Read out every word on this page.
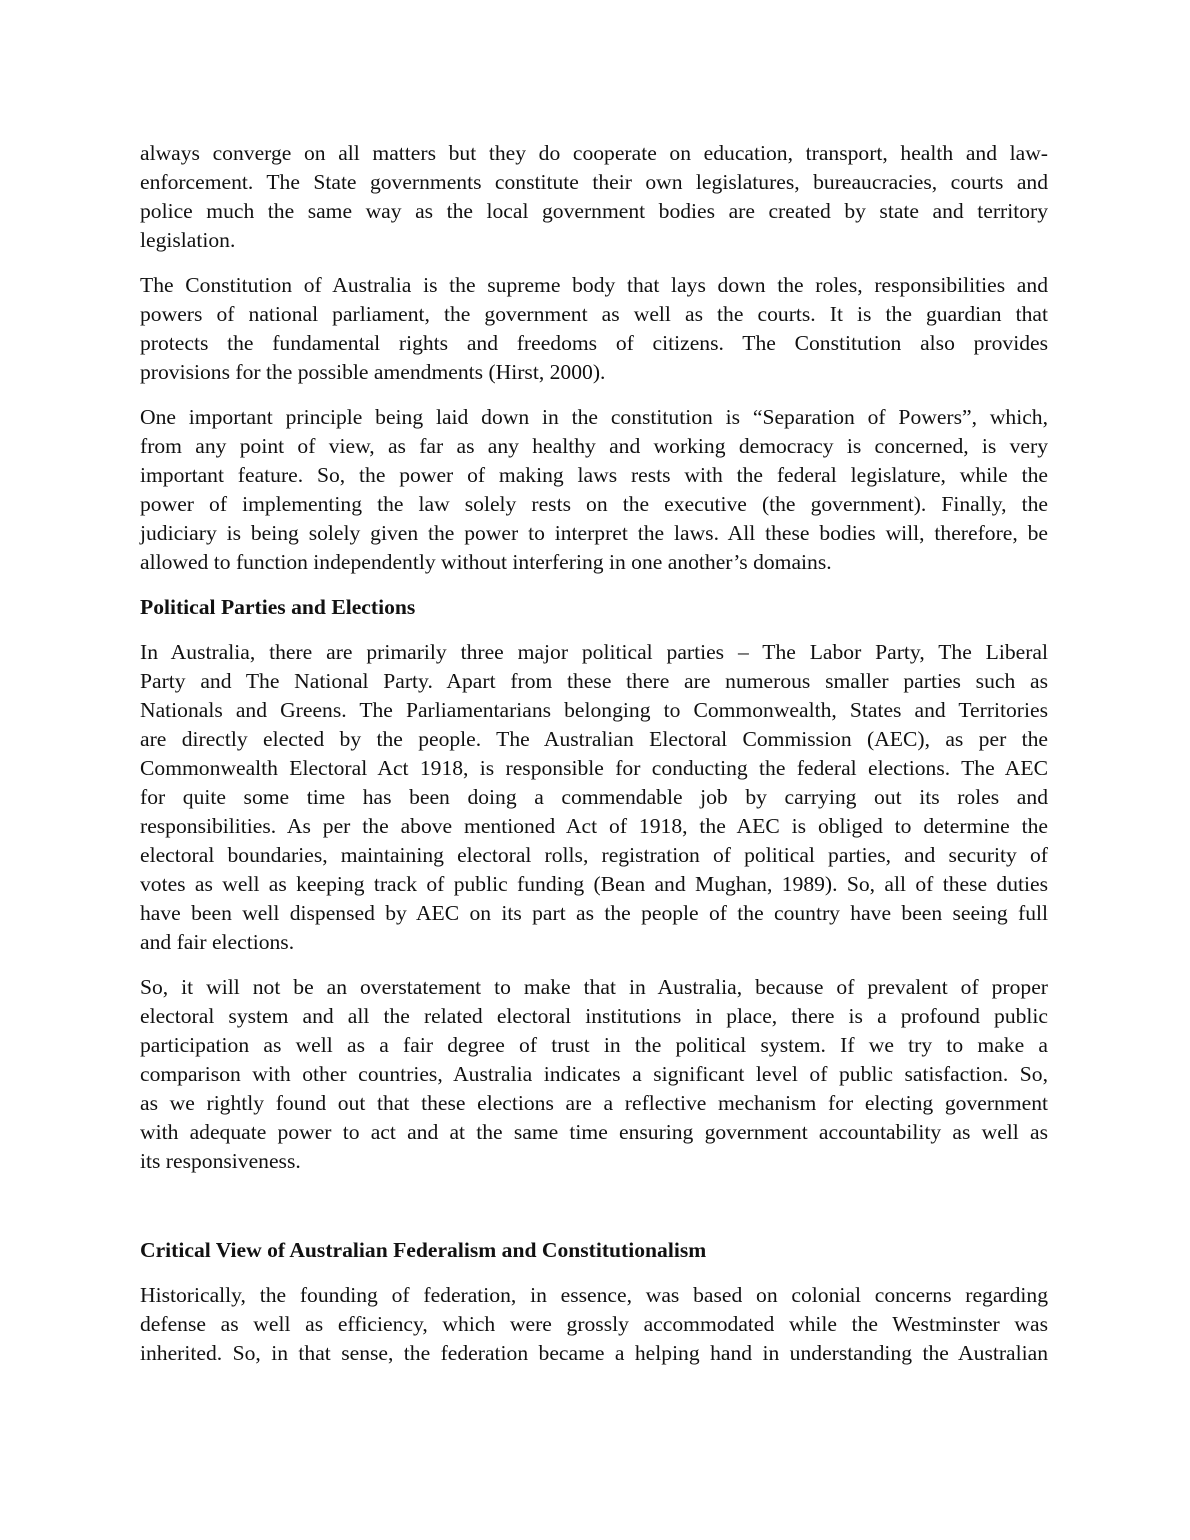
always converge on all matters but they do cooperate on education, transport, health and law-
enforcement. The State governments constitute their own legislatures, bureaucracies, courts and
police much the same way as the local government bodies are created by state and territory
legislation.
The Constitution of Australia is the supreme body that lays down the roles, responsibilities and
powers of national parliament, the government as well as the courts. It is the guardian that
protects the fundamental rights and freedoms of citizens. The Constitution also provides
provisions for the possible amendments (Hirst, 2000).
One important principle being laid down in the constitution is “Separation of Powers”, which,
from any point of view, as far as any healthy and working democracy is concerned, is very
important feature. So, the power of making laws rests with the federal legislature, while the
power of implementing the law solely rests on the executive (the government). Finally, the
judiciary is being solely given the power to interpret the laws. All these bodies will, therefore, be
allowed to function independently without interfering in one another’s domains.
Political Parties and Elections
In Australia, there are primarily three major political parties – The Labor Party, The Liberal
Party and The National Party. Apart from these there are numerous smaller parties such as
Nationals and Greens. The Parliamentarians belonging to Commonwealth, States and Territories
are directly elected by the people. The Australian Electoral Commission (AEC), as per the
Commonwealth Electoral Act 1918, is responsible for conducting the federal elections. The AEC
for quite some time has been doing a commendable job by carrying out its roles and
responsibilities. As per the above mentioned Act of 1918, the AEC is obliged to determine the
electoral boundaries, maintaining electoral rolls, registration of political parties, and security of
votes as well as keeping track of public funding (Bean and Mughan, 1989). So, all of these duties
have been well dispensed by AEC on its part as the people of the country have been seeing full
and fair elections.
So, it will not be an overstatement to make that in Australia, because of prevalent of proper
electoral system and all the related electoral institutions in place, there is a profound public
participation as well as a fair degree of trust in the political system. If we try to make a
comparison with other countries, Australia indicates a significant level of public satisfaction. So,
as we rightly found out that these elections are a reflective mechanism for electing government
with adequate power to act and at the same time ensuring government accountability as well as
its responsiveness.
Critical View of Australian Federalism and Constitutionalism
Historically, the founding of federation, in essence, was based on colonial concerns regarding
defense as well as efficiency, which were grossly accommodated while the Westminster was
inherited. So, in that sense, the federation became a helping hand in understanding the Australian
